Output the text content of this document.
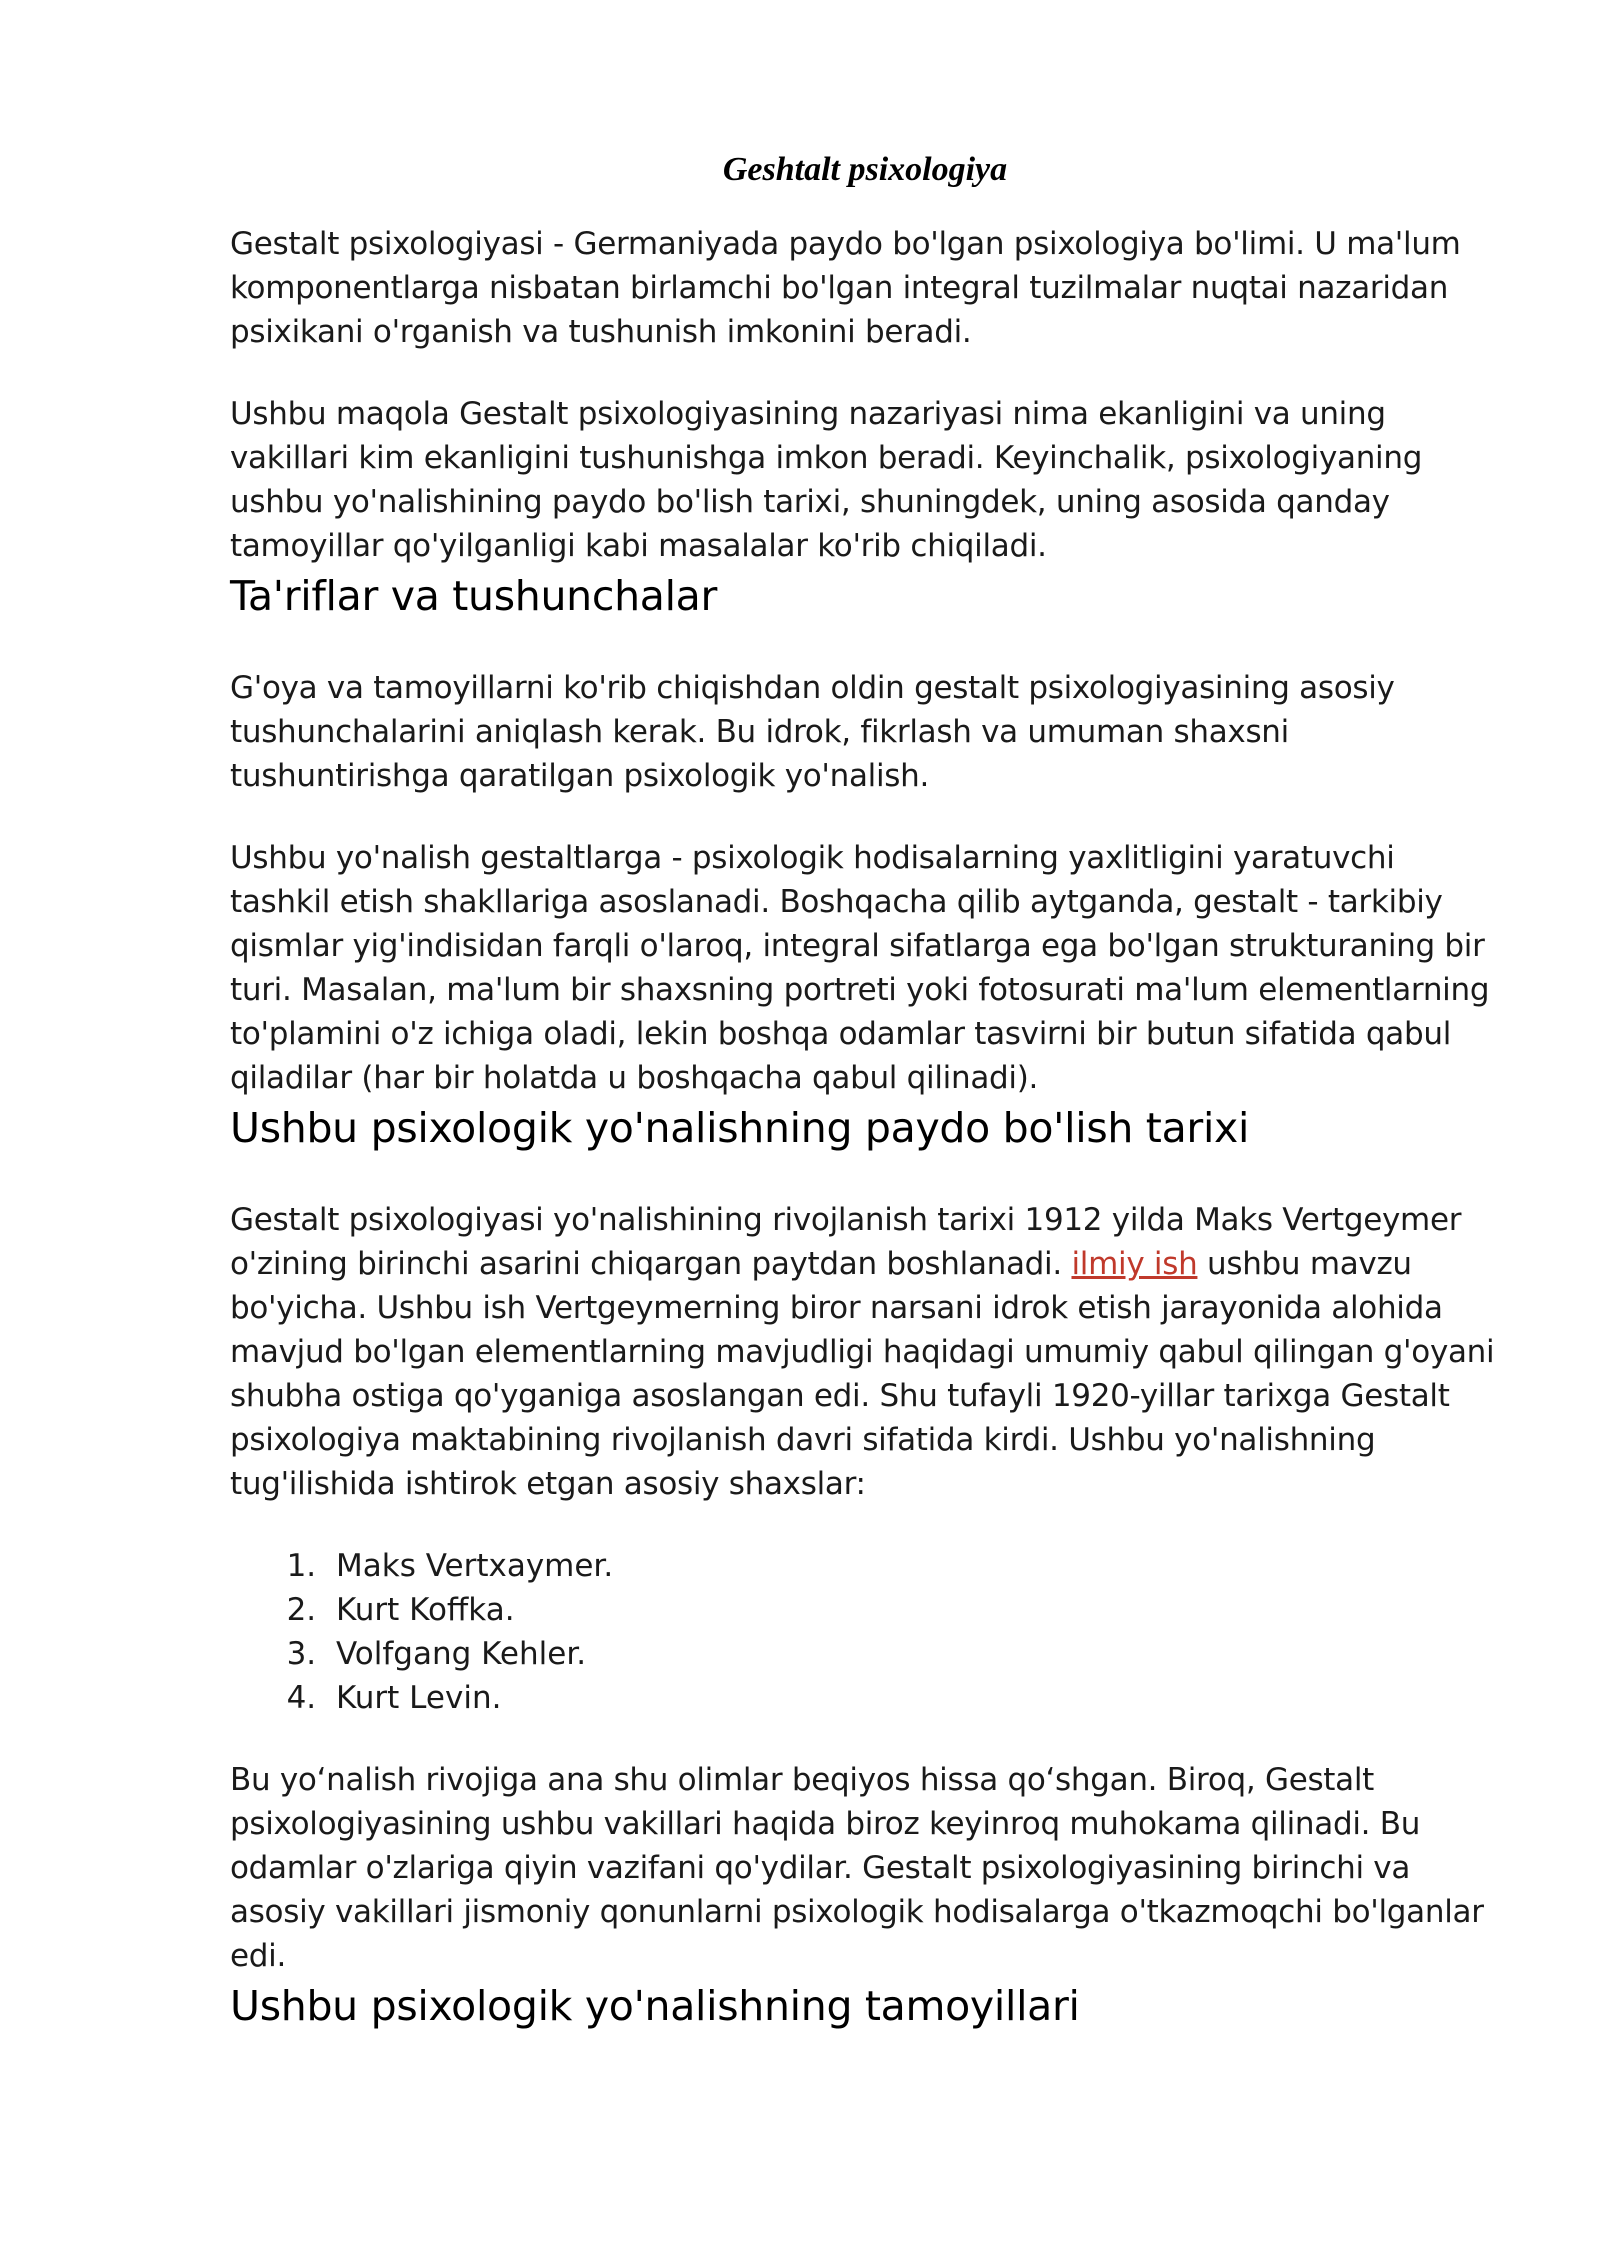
Geshtalt psixologiya

Gestalt psixologiyasi - Germaniyada paydo bo'lgan psixologiya bo'limi. U ma'lum komponentlarga nisbatan birlamchi bo'lgan integral tuzilmalar nuqtai nazaridan psixikani o'rganish va tushunish imkonini beradi.

Ushbu maqola Gestalt psixologiyasining nazariyasi nima ekanligini va uning vakillari kim ekanligini tushunishga imkon beradi. Keyinchalik, psixologiyaning ushbu yo'nalishining paydo bo'lish tarixi, shuningdek, uning asosida qanday tamoyillar qo'yilganligi kabi masalalar ko'rib chiqiladi.

Ta'riflar va tushunchalar

G'oya va tamoyillarni ko'rib chiqishdan oldin gestalt psixologiyasining asosiy tushunchalarini aniqlash kerak. Bu idrok, fikrlash va umuman shaxsni tushuntirishga qaratilgan psixologik yo'nalish.

Ushbu yo'nalish gestaltlarga - psixologik hodisalarning yaxlitligini yaratuvchi tashkil etish shakllariga asoslanadi. Boshqacha qilib aytganda, gestalt - tarkibiy qismlar yig'indisidan farqli o'laroq, integral sifatlarga ega bo'lgan strukturaning bir turi. Masalan, ma'lum bir shaxsning portreti yoki fotosurati ma'lum elementlarning to'plamini o'z ichiga oladi, lekin boshqa odamlar tasvirni bir butun sifatida qabul qiladilar (har bir holatda u boshqacha qabul qilinadi).

Ushbu psixologik yo'nalishning paydo bo'lish tarixi

Gestalt psixologiyasi yo'nalishining rivojlanish tarixi 1912 yilda Maks Vertgeymer o'zining birinchi asarini chiqargan paytdan boshlanadi. ilmiy ish ushbu mavzu bo'yicha. Ushbu ish Vertgeymerning biror narsani idrok etish jarayonida alohida mavjud bo'lgan elementlarning mavjudligi haqidagi umumiy qabul qilingan g'oyani shubha ostiga qo'yganiga asoslangan edi. Shu tufayli 1920-yillar tarixga Gestalt psixologiya maktabining rivojlanish davri sifatida kirdi. Ushbu yo'nalishning tug'ilishida ishtirok etgan asosiy shaxslar:

1. Maks Vertxaymer.
2. Kurt Koffka.
3. Volfgang Kehler.
4. Kurt Levin.

Bu yo‘nalish rivojiga ana shu olimlar beqiyos hissa qo‘shgan. Biroq, Gestalt psixologiyasining ushbu vakillari haqida biroz keyinroq muhokama qilinadi. Bu odamlar o'zlariga qiyin vazifani qo'ydilar. Gestalt psixologiyasining birinchi va asosiy vakillari jismoniy qonunlarni psixologik hodisalarga o'tkazmoqchi bo'lganlar edi.

Ushbu psixologik yo'nalishning tamoyillari
